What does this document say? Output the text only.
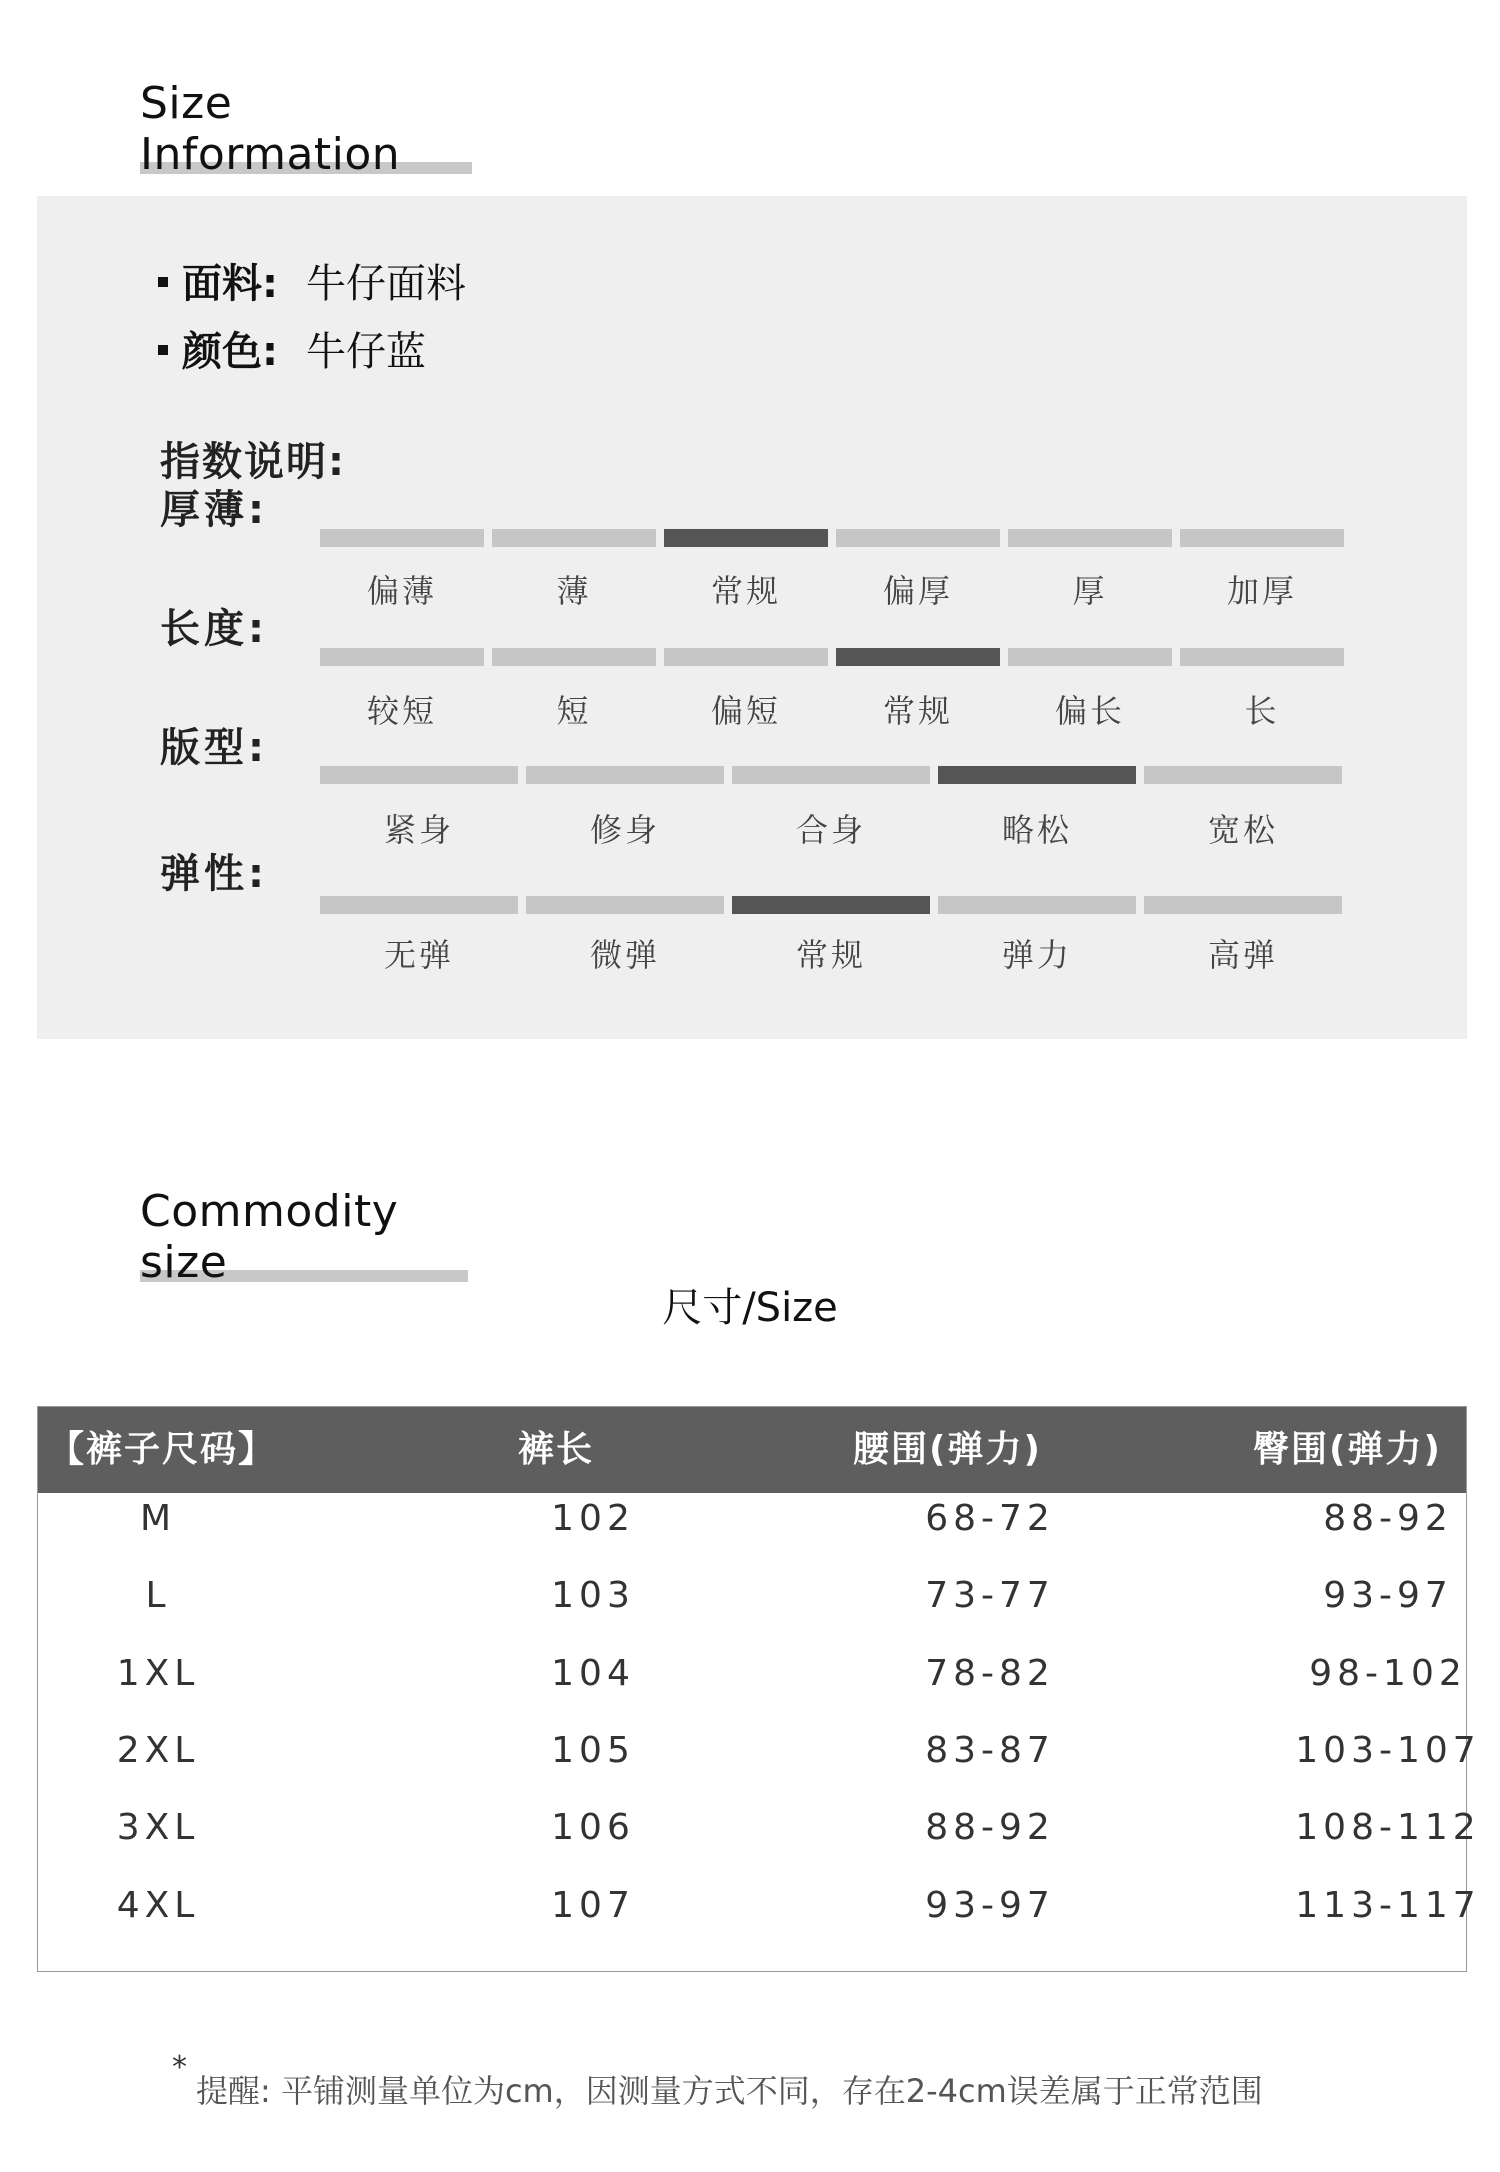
Size Information
面料: 牛仔面料
颜色: 牛仔蓝
指数说明:
厚薄:
偏薄	薄	常规	偏厚	厚	加厚
长度:
较短	短	偏短	常规	偏长	长
版型:
紧身	修身	合身	略松	宽松
弹性:
无弹	微弹	常规	弹力	高弹
Commodity size
尺寸/Size
【裤子尺码】	裤长	腰围(弹力)	臀围(弹力)
M	102	68-72	88-92
L	103	73-77	93-97
1XL	104	78-82	98-102
2XL	105	83-87	103-107
3XL	106	88-92	108-112
4XL	107	93-97	113-117
*
提醒: 平铺测量单位为cm，因测量方式不同，存在2-4cm误差属于正常范围
